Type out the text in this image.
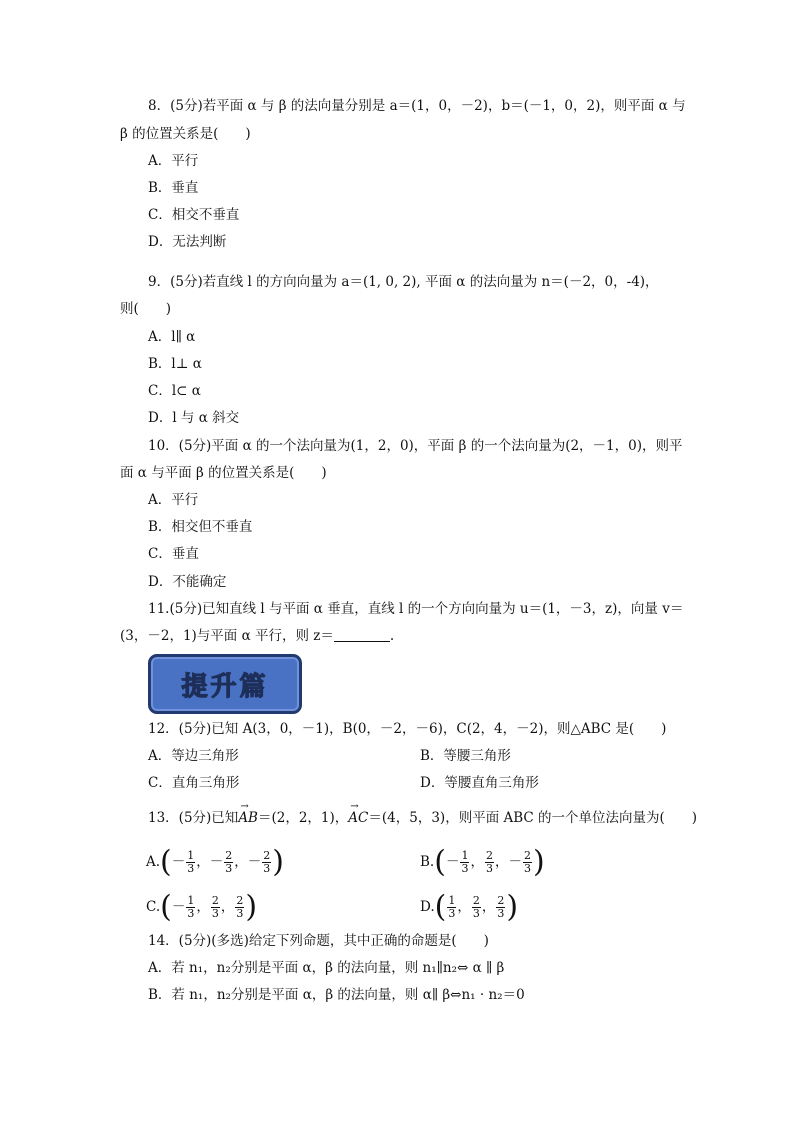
8．(5分)若平面 α 与 β 的法向量分别是 a＝(1，0，－2)，b＝(－1，0，2)，则平面 α 与
β 的位置关系是(　　)
A．平行
B．垂直
C．相交不垂直
D．无法判断
9．(5分)若直线 l 的方向向量为 a＝(1, 0, 2), 平面 α 的法向量为 n＝(－2，0，-4)，
则(　　)
A．l∥ α
B．l⊥ α
C．l⊂ α
D．l 与 α 斜交
10．(5分)平面 α 的一个法向量为(1，2，0)，平面 β 的一个法向量为(2，－1，0)，则平
面 α 与平面 β 的位置关系是(　　)
A．平行
B．相交但不垂直
C．垂直
D．不能确定
11.(5分)已知直线 l 与平面 α 垂直，直线 l 的一个方向向量为 u＝(1，－3，z)，向量 v＝
(3，－2，1)与平面 α 平行，则 z＝	.
提升篇
12．(5分)已知 A(3，0，－1)，B(0，－2，－6)，C(2，4，－2)，则△ABC 是(　　)
A．等边三角形	B．等腰三角形
C．直角三角形	D．等腰直角三角形
13．(5分)已知→ AB＝(2，2，1)，→ AC＝(4，5，3)，则平面 ABC 的一个单位法向量为(　　)
$A.(- \frac{1}{3}$ ，－ $\frac{2}{3}$ ，－ $\frac{2}{3}$ )	$B.(- \frac{1}{3}$ ， $\frac{2}{3}$ ，－ $\frac{2}{3}$ )
$C.(- \frac{1}{3}$ ， $\frac{2}{3}$ ， $\frac{2}{3}$ )	$D.( \frac{1}{3}$ ， $\frac{2}{3}$ ， $\frac{2}{3}$ )
14．(5分)(多选)给定下列命题，其中正确的命题是(　　)
A．若 n₁，n₂分别是平面 α，β 的法向量，则 n₁∥n₂⇔ α ∥ β
B．若 n₁，n₂分别是平面 α，β 的法向量，则 α∥ β⇔n₁ · n₂＝0
